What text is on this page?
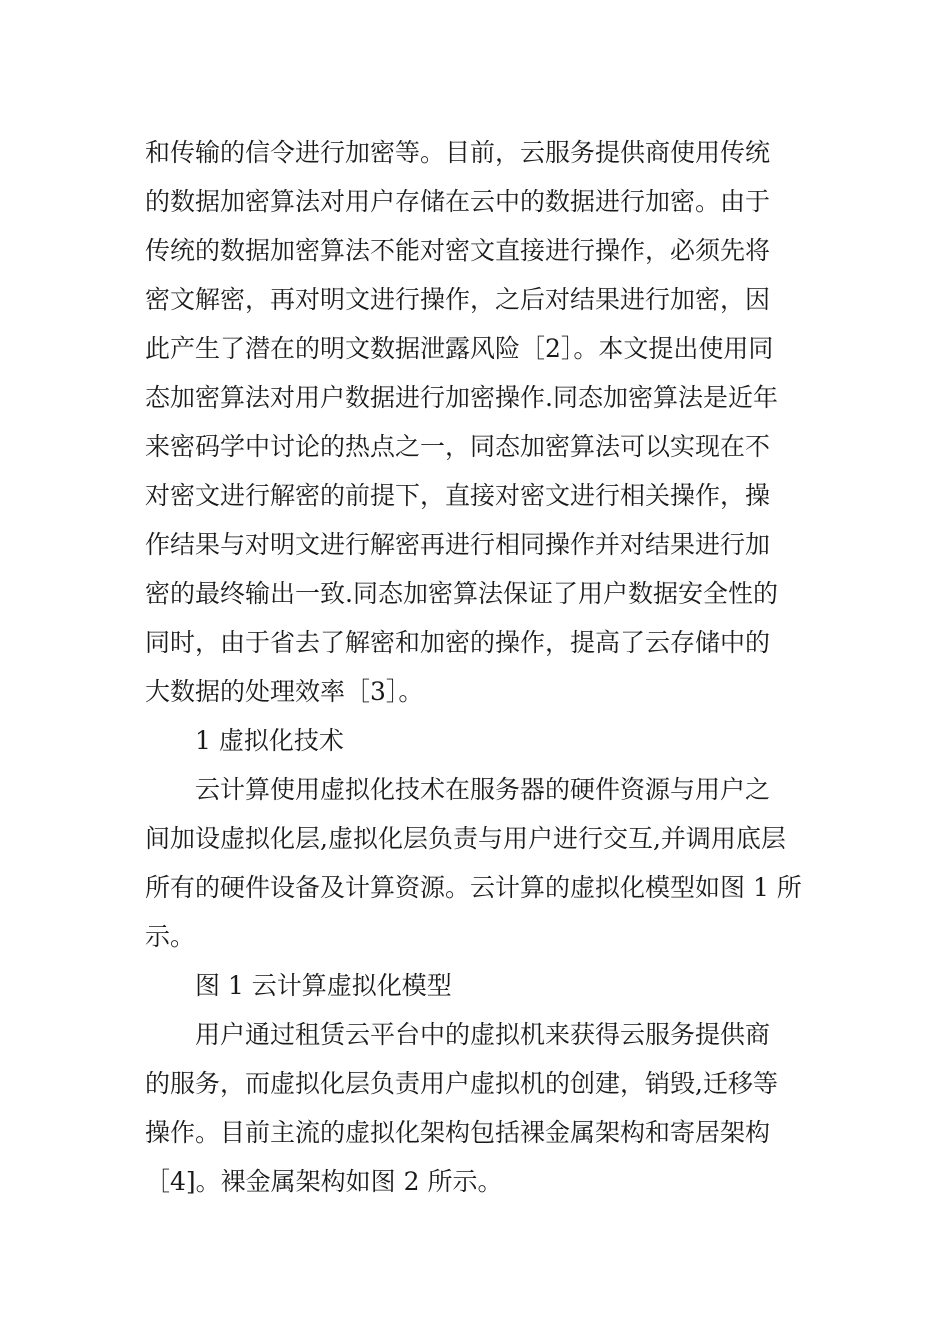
和传输的信令进行加密等。目前，云服务提供商使用传统
的数据加密算法对用户存储在云中的数据进行加密。由于
传统的数据加密算法不能对密文直接进行操作，必须先将
密文解密，再对明文进行操作，之后对结果进行加密，因
此产生了潜在的明文数据泄露风险［2］。本文提出使用同
态加密算法对用户数据进行加密操作.同态加密算法是近年
来密码学中讨论的热点之一，同态加密算法可以实现在不
对密文进行解密的前提下，直接对密文进行相关操作，操
作结果与对明文进行解密再进行相同操作并对结果进行加
密的最终输出一致.同态加密算法保证了用户数据安全性的
同时，由于省去了解密和加密的操作，提高了云存储中的
大数据的处理效率［3］。

1 虚拟化技术

云计算使用虚拟化技术在服务器的硬件资源与用户之
间加设虚拟化层,虚拟化层负责与用户进行交互,并调用底层
所有的硬件设备及计算资源。云计算的虚拟化模型如图 1 所
示。

图 1 云计算虚拟化模型

用户通过租赁云平台中的虚拟机来获得云服务提供商
的服务，而虚拟化层负责用户虚拟机的创建，销毁,迁移等
操作。目前主流的虚拟化架构包括裸金属架构和寄居架构
［4]。裸金属架构如图 2 所示。
